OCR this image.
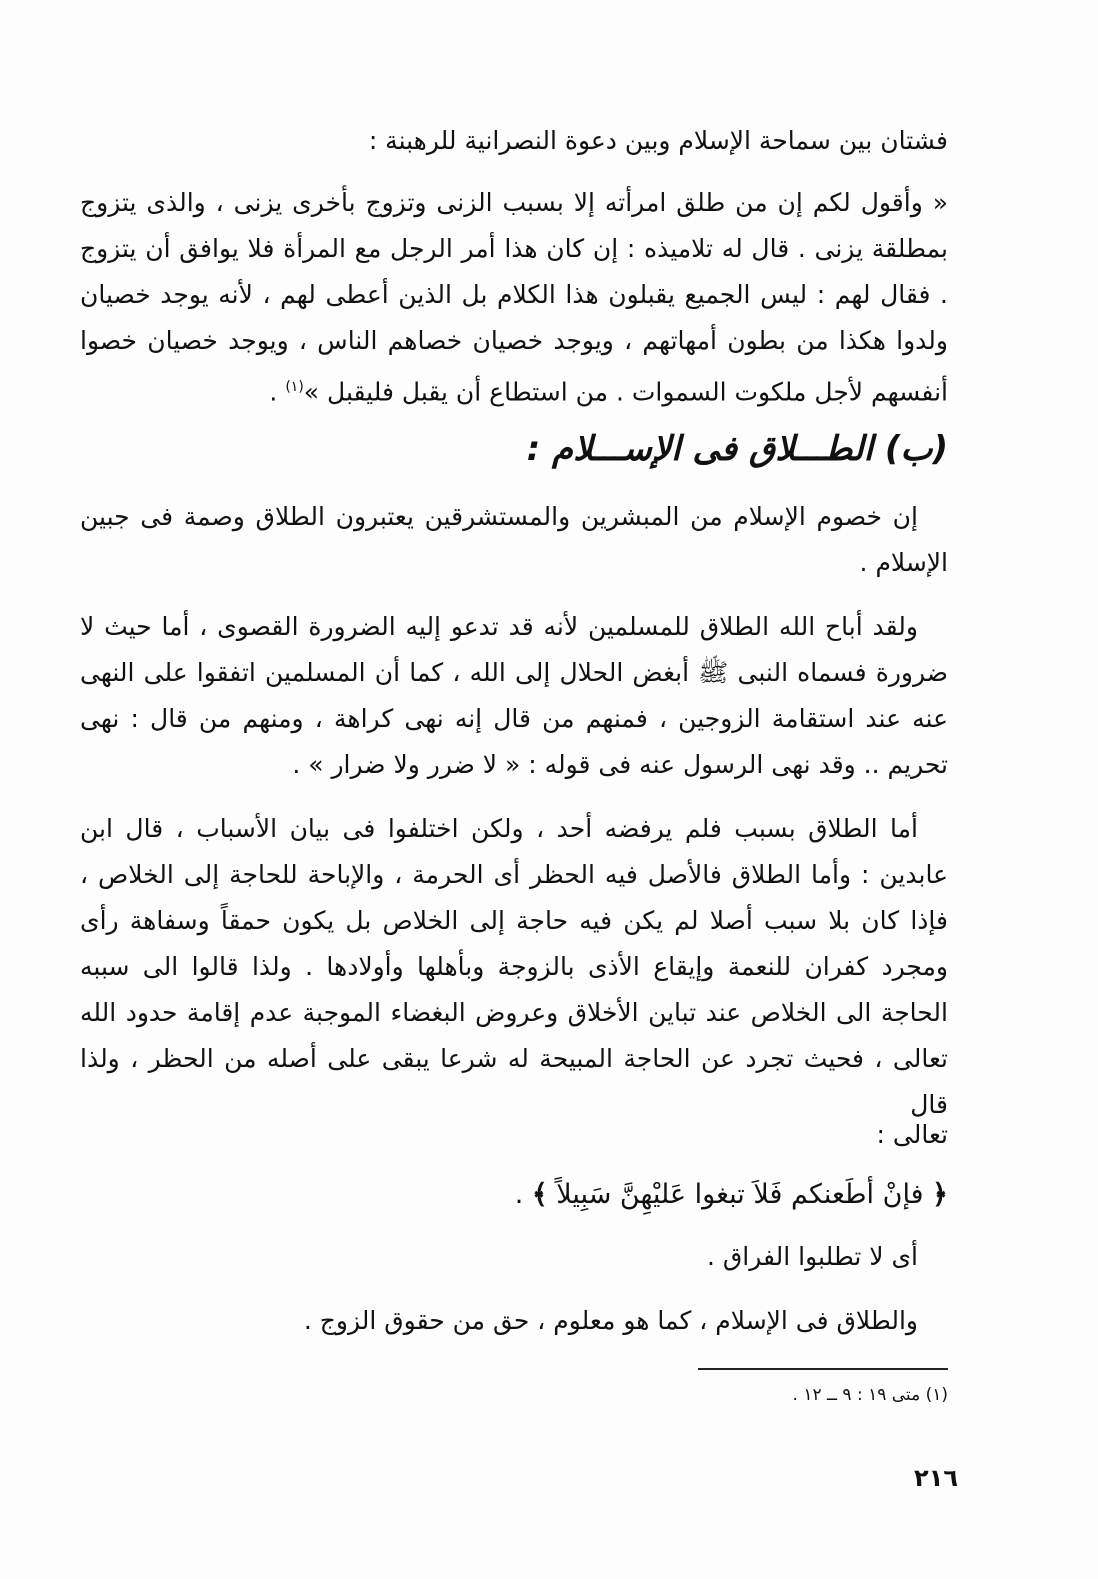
فشتان بين سماحة الإسلام وبين دعوة النصرانية للرهبنة :

« وأقول لكم إن من طلق امرأته إلا بسبب الزنى وتزوج بأخرى يزنى ، والذى يتزوج بمطلقة يزنى . قال له تلاميذه : إن كان هذا أمر الرجل مع المرأة فلا يوافق أن يتزوج . فقال لهم : ليس الجميع يقبلون هذا الكلام بل الذين أعطى لهم ، لأنه يوجد خصيان ولدوا هكذا من بطون أمهاتهم ، ويوجد خصيان خصاهم الناس ، ويوجد خصيان خصوا أنفسهم لأجل ملكوت السموات . من استطاع أن يقبل فليقبل »$^{(١)}$ .

(ب) الطـــلاق فى الإســـلام :

إن خصوم الإسلام من المبشرين والمستشرقين يعتبرون الطلاق وصمة فى جبين الإسلام .

ولقد أباح الله الطلاق للمسلمين لأنه قد تدعو إليه الضرورة القصوى ، أما حيث لا ضرورة فسماه النبى ﷺ أبغض الحلال إلى الله ، كما أن المسلمين اتفقوا على النهى عنه عند استقامة الزوجين ، فمنهم من قال إنه نهى كراهة ، ومنهم من قال : نهى تحريم .. وقد نهى الرسول عنه فى قوله : « لا ضرر ولا ضرار » .

أما الطلاق بسبب فلم يرفضه أحد ، ولكن اختلفوا فى بيان الأسباب ، قال ابن عابدين : وأما الطلاق فالأصل فيه الحظر أى الحرمة ، والإباحة للحاجة إلى الخلاص ، فإذا كان بلا سبب أصلا لم يكن فيه حاجة إلى الخلاص بل يكون حمقاً وسفاهة رأى ومجرد كفران للنعمة وإيقاع الأذى بالزوجة وبأهلها وأولادها . ولذا قالوا الى سببه الحاجة الى الخلاص عند تباين الأخلاق وعروض البغضاء الموجبة عدم إقامة حدود الله تعالى ، فحيث تجرد عن الحاجة المبيحة له شرعا يبقى على أصله من الحظر ، ولذا قال

تعالى :

﴿ فإنْ أطَعنكم فَلاَ تبغوا عَليْهِنَّ سَبِيلاً ﴾ .

أى لا تطلبوا الفراق .

والطلاق فى الإسلام ، كما هو معلوم ، حق من حقوق الزوج .

(١) متى ١٩ : ٩ ــ ١٢ .

٢١٦
